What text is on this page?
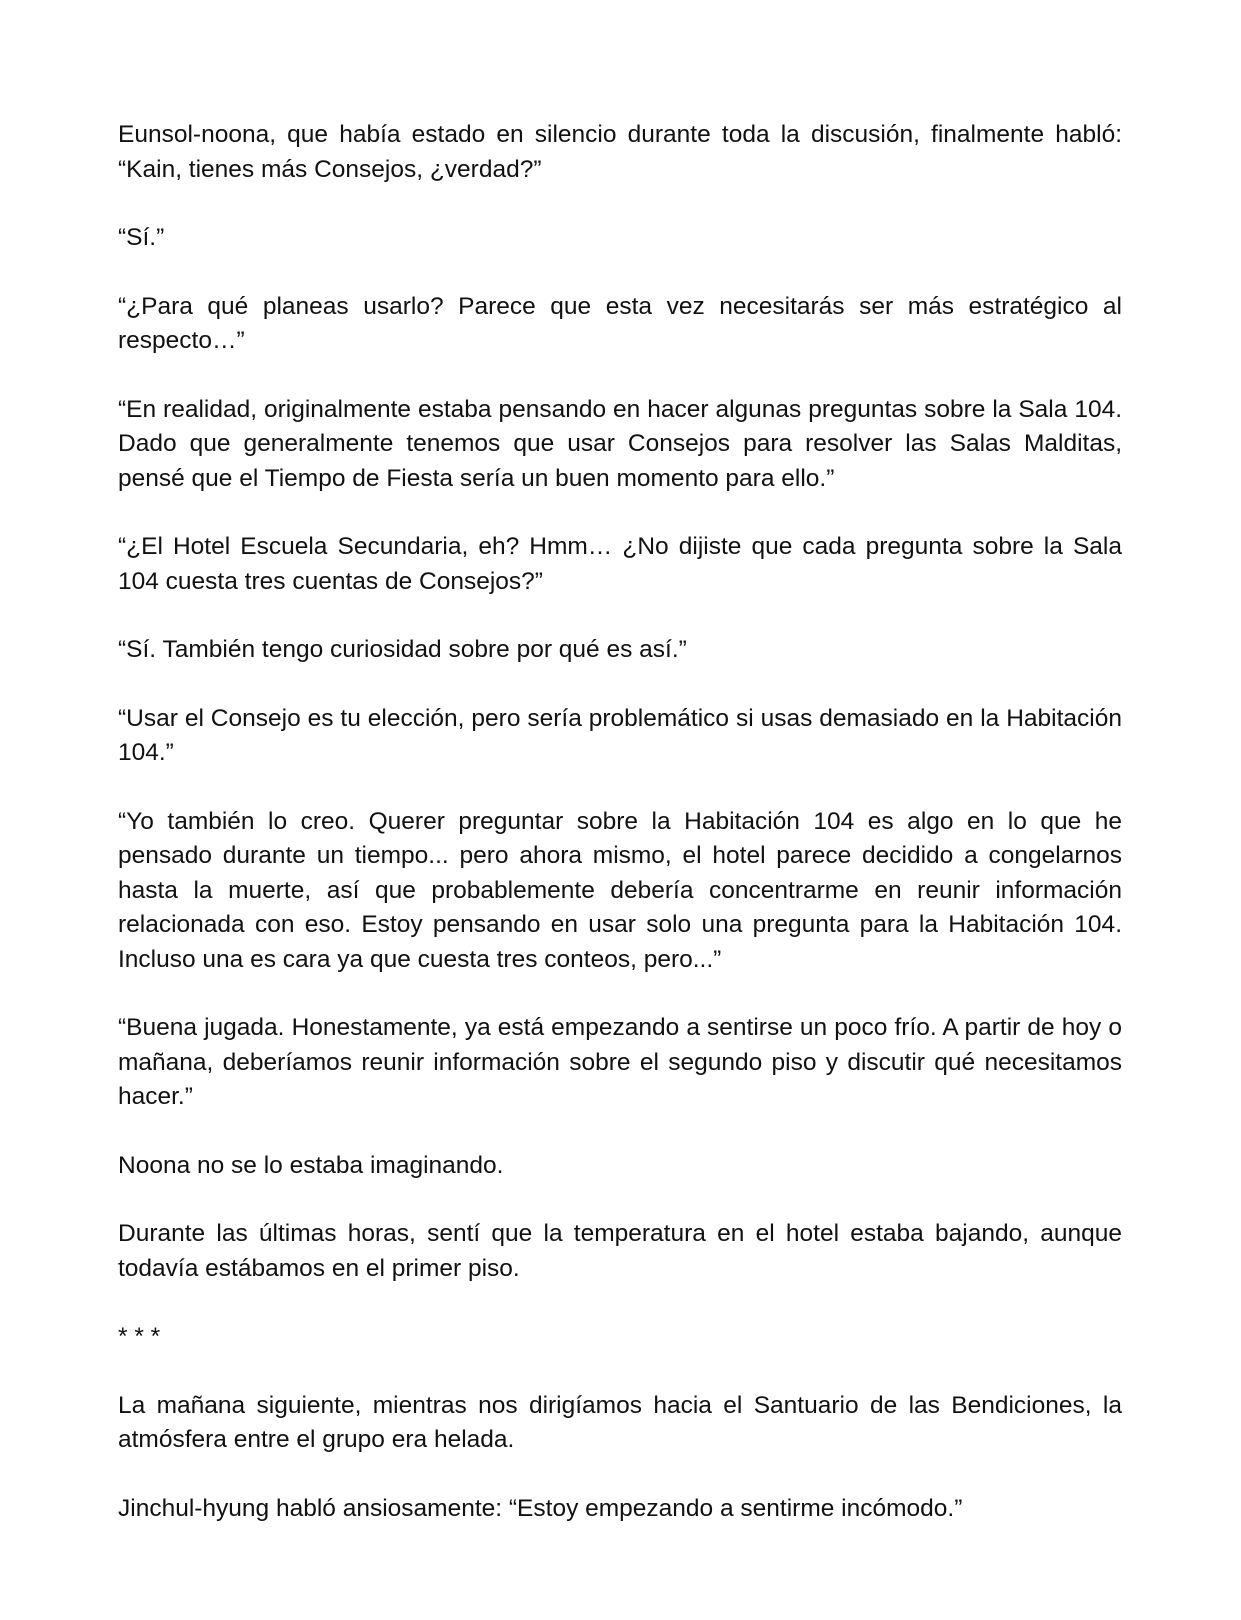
Eunsol-noona, que había estado en silencio durante toda la discusión, finalmente habló: “Kain, tienes más Consejos, ¿verdad?”

“Sí.”

“¿Para qué planeas usarlo? Parece que esta vez necesitarás ser más estratégico al respecto…”

“En realidad, originalmente estaba pensando en hacer algunas preguntas sobre la Sala 104. Dado que generalmente tenemos que usar Consejos para resolver las Salas Malditas, pensé que el Tiempo de Fiesta sería un buen momento para ello.”

“¿El Hotel Escuela Secundaria, eh? Hmm… ¿No dijiste que cada pregunta sobre la Sala 104 cuesta tres cuentas de Consejos?”

“Sí. También tengo curiosidad sobre por qué es así.”

“Usar el Consejo es tu elección, pero sería problemático si usas demasiado en la Habitación 104.”

“Yo también lo creo. Querer preguntar sobre la Habitación 104 es algo en lo que he pensado durante un tiempo... pero ahora mismo, el hotel parece decidido a congelarnos hasta la muerte, así que probablemente debería concentrarme en reunir información relacionada con eso. Estoy pensando en usar solo una pregunta para la Habitación 104. Incluso una es cara ya que cuesta tres conteos, pero...”

“Buena jugada. Honestamente, ya está empezando a sentirse un poco frío. A partir de hoy o mañana, deberíamos reunir información sobre el segundo piso y discutir qué necesitamos hacer.”

Noona no se lo estaba imaginando.

Durante las últimas horas, sentí que la temperatura en el hotel estaba bajando, aunque todavía estábamos en el primer piso.

* * *

La mañana siguiente, mientras nos dirigíamos hacia el Santuario de las Bendiciones, la atmósfera entre el grupo era helada.

Jinchul-hyung habló ansiosamente: “Estoy empezando a sentirme incómodo.”
